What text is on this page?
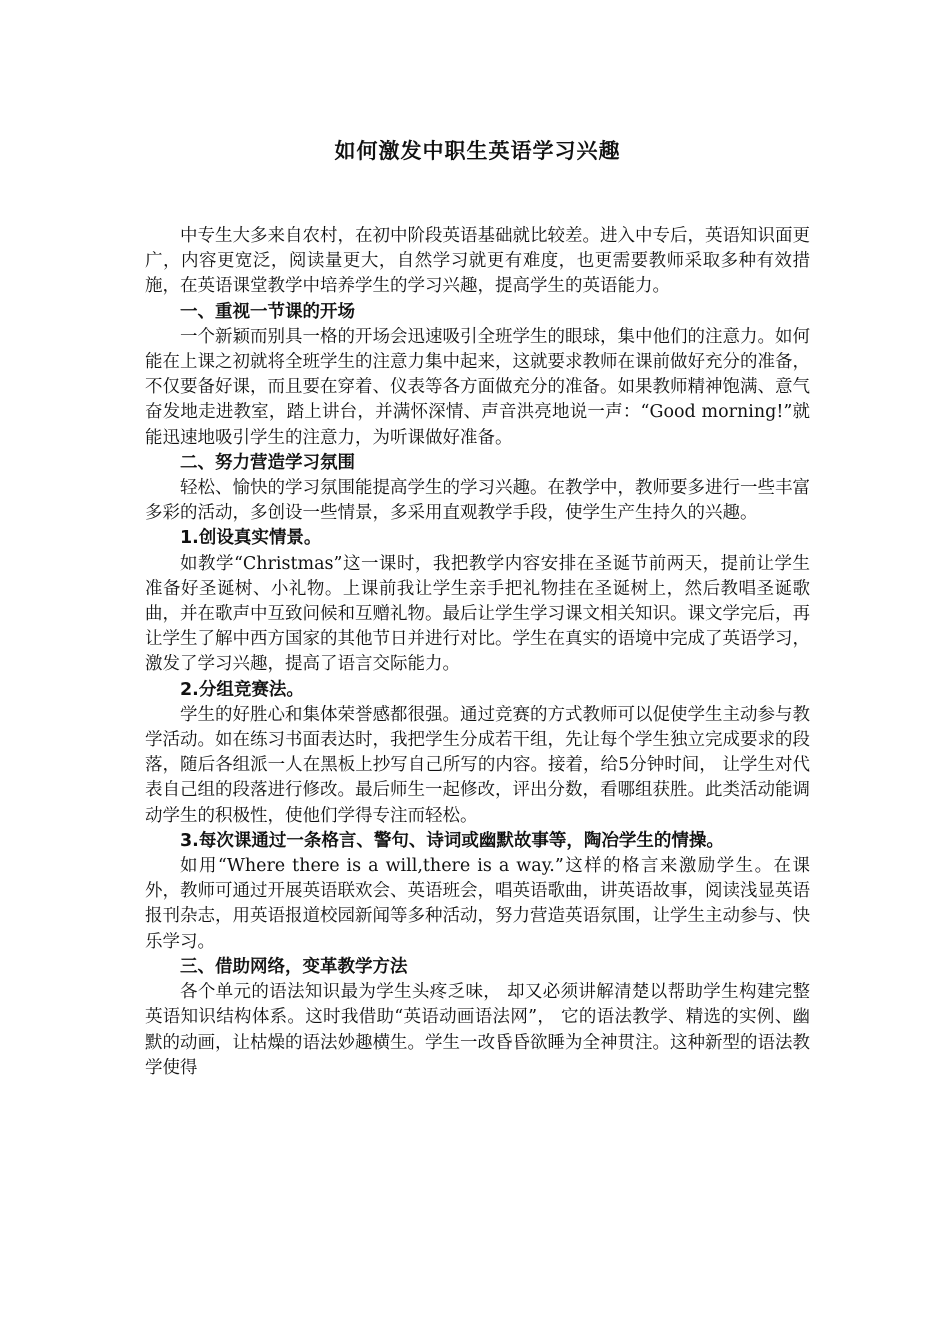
如何激发中职生英语学习兴趣

中专生大多来自农村，在初中阶段英语基础就比较差。进入中专后，英语知识面更广，内容更宽泛，阅读量更大，自然学习就更有难度，也更需要教师采取多种有效措施，在英语课堂教学中培养学生的学习兴趣，提高学生的英语能力。

一、重视一节课的开场

一个新颖而别具一格的开场会迅速吸引全班学生的眼球，集中他们的注意力。如何能在上课之初就将全班学生的注意力集中起来，这就要求教师在课前做好充分的准备，不仅要备好课，而且要在穿着、仪表等各方面做充分的准备。如果教师精神饱满、意气奋发地走进教室，踏上讲台，并满怀深情、声音洪亮地说一声：“Good morning!”就能迅速地吸引学生的注意力，为听课做好准备。

二、努力营造学习氛围

轻松、愉快的学习氛围能提高学生的学习兴趣。在教学中，教师要多进行一些丰富多彩的活动，多创设一些情景，多采用直观教学手段，使学生产生持久的兴趣。

1.创设真实情景。

如教学“Christmas”这一课时，我把教学内容安排在圣诞节前两天，提前让学生准备好圣诞树、小礼物。上课前我让学生亲手把礼物挂在圣诞树上，然后教唱圣诞歌曲，并在歌声中互致问候和互赠礼物。最后让学生学习课文相关知识。课文学完后，再让学生了解中西方国家的其他节日并进行对比。学生在真实的语境中完成了英语学习，激发了学习兴趣，提高了语言交际能力。

2.分组竞赛法。

学生的好胜心和集体荣誉感都很强。通过竞赛的方式教师可以促使学生主动参与教学活动。如在练习书面表达时，我把学生分成若干组，先让每个学生独立完成要求的段落，随后各组派一人在黑板上抄写自己所写的内容。接着，给5分钟时间， 让学生对代表自己组的段落进行修改。最后师生一起修改，评出分数，看哪组获胜。此类活动能调动学生的积极性，使他们学得专注而轻松。

3.每次课通过一条格言、警句、诗词或幽默故事等，陶冶学生的情操。

如用“Where there is a will,there is a way.”这样的格言来激励学生。在课外，教师可通过开展英语联欢会、英语班会，唱英语歌曲，讲英语故事，阅读浅显英语报刊杂志，用英语报道校园新闻等多种活动，努力营造英语氛围，让学生主动参与、快乐学习。

三、借助网络，变革教学方法

各个单元的语法知识最为学生头疼乏味， 却又必须讲解清楚以帮助学生构建完整英语知识结构体系。这时我借助“英语动画语法网”， 它的语法教学、精选的实例、幽默的动画，让枯燥的语法妙趣横生。学生一改昏昏欲睡为全神贯注。这种新型的语法教学使得
